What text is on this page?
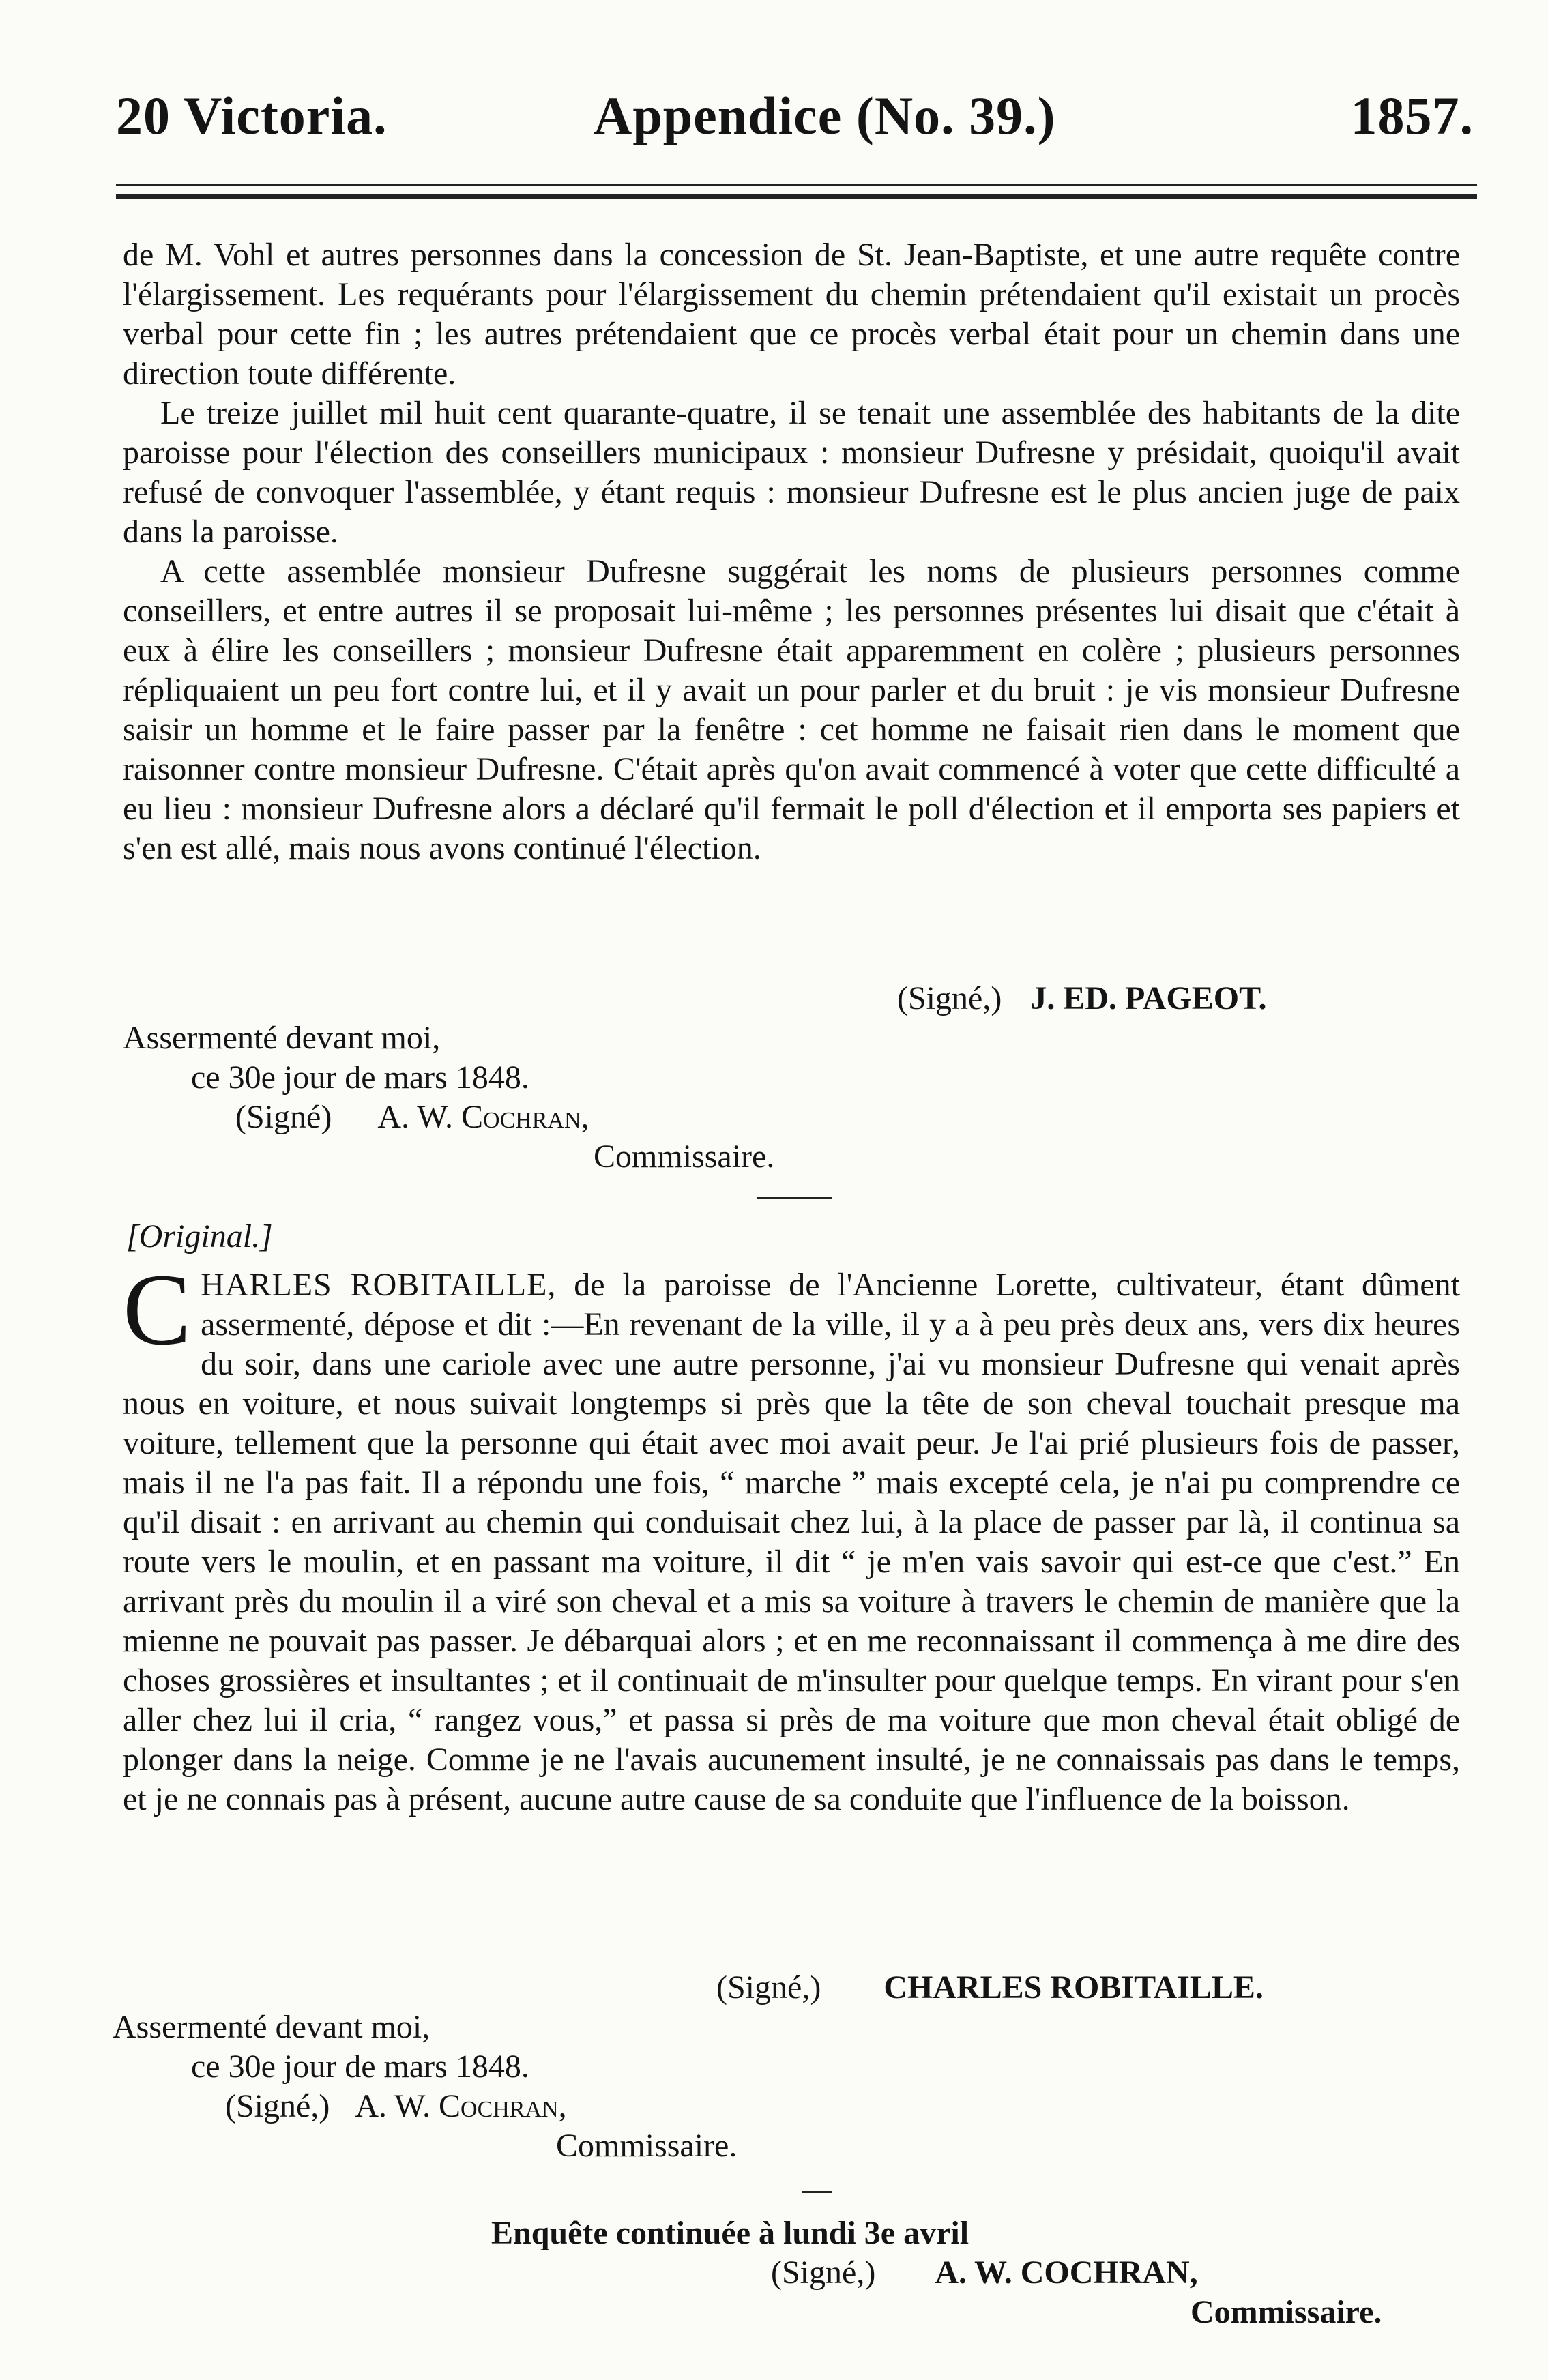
20 Victoria.	Appendice (No. 39.)	1857.

de M. Vohl et autres personnes dans la concession de St. Jean-Baptiste, et une autre requête contre l'élargissement. Les requérants pour l'élargissement du chemin prétendaient qu'il existait un procès verbal pour cette fin ; les autres prétendaient que ce procès verbal était pour un chemin dans une direction toute différente.

Le treize juillet mil huit cent quarante-quatre, il se tenait une assemblée des habitants de la dite paroisse pour l'élection des conseillers municipaux : monsieur Dufresne y présidait, quoiqu'il avait refusé de convoquer l'assemblée, y étant requis : monsieur Dufresne est le plus ancien juge de paix dans la paroisse.

A cette assemblée monsieur Dufresne suggérait les noms de plusieurs personnes comme conseillers, et entre autres il se proposait lui-même ; les personnes présentes lui disait que c'était à eux à élire les conseillers ; monsieur Dufresne était apparemment en colère ; plusieurs personnes répliquaient un peu fort contre lui, et il y avait un pour parler et du bruit : je vis monsieur Dufresne saisir un homme et le faire passer par la fenêtre : cet homme ne faisait rien dans le moment que raisonner contre monsieur Dufresne. C'était après qu'on avait commencé à voter que cette difficulté a eu lieu : monsieur Dufresne alors a déclaré qu'il fermait le poll d'élection et il emporta ses papiers et s'en est allé, mais nous avons continué l'élection.

(Signé,) J. ED. PAGEOT.
Assermenté devant moi,
ce 30e jour de mars 1848.
(Signé) A. W. Cochran,
Commissaire.
[Original.]
CHARLES ROBITAILLE, de la paroisse de l'Ancienne Lorette, cultivateur, étant dûment assermenté, dépose et dit :—En revenant de la ville, il y a à peu près deux ans, vers dix heures du soir, dans une cariole avec une autre personne, j'ai vu monsieur Dufresne qui venait après nous en voiture, et nous suivait longtemps si près que la tête de son cheval touchait presque ma voiture, tellement que la personne qui était avec moi avait peur. Je l'ai prié plusieurs fois de passer, mais il ne l'a pas fait. Il a répondu une fois, “ marche ” mais excepté cela, je n'ai pu comprendre ce qu'il disait : en arrivant au chemin qui conduisait chez lui, à la place de passer par là, il continua sa route vers le moulin, et en passant ma voiture, il dit “ je m'en vais savoir qui est-ce que c'est.” En arrivant près du moulin il a viré son cheval et a mis sa voiture à travers le chemin de manière que la mienne ne pouvait pas passer. Je débarquai alors ; et en me reconnaissant il commença à me dire des choses grossières et insultantes ; et il continuait de m'insulter pour quelque temps. En virant pour s'en aller chez lui il cria, “ rangez vous,” et passa si près de ma voiture que mon cheval était obligé de plonger dans la neige. Comme je ne l'avais aucunement insulté, je ne connaissais pas dans le temps, et je ne connais pas à présent, aucune autre cause de sa conduite que l'influence de la boisson.
(Signé,) CHARLES ROBITAILLE.
Assermenté devant moi,
ce 30e jour de mars 1848.
(Signé,) A. W. Cochran,
Commissaire.
Enquête continuée à lundi 3e avril
(Signé,) A. W. COCHRAN,
Commissaire.
